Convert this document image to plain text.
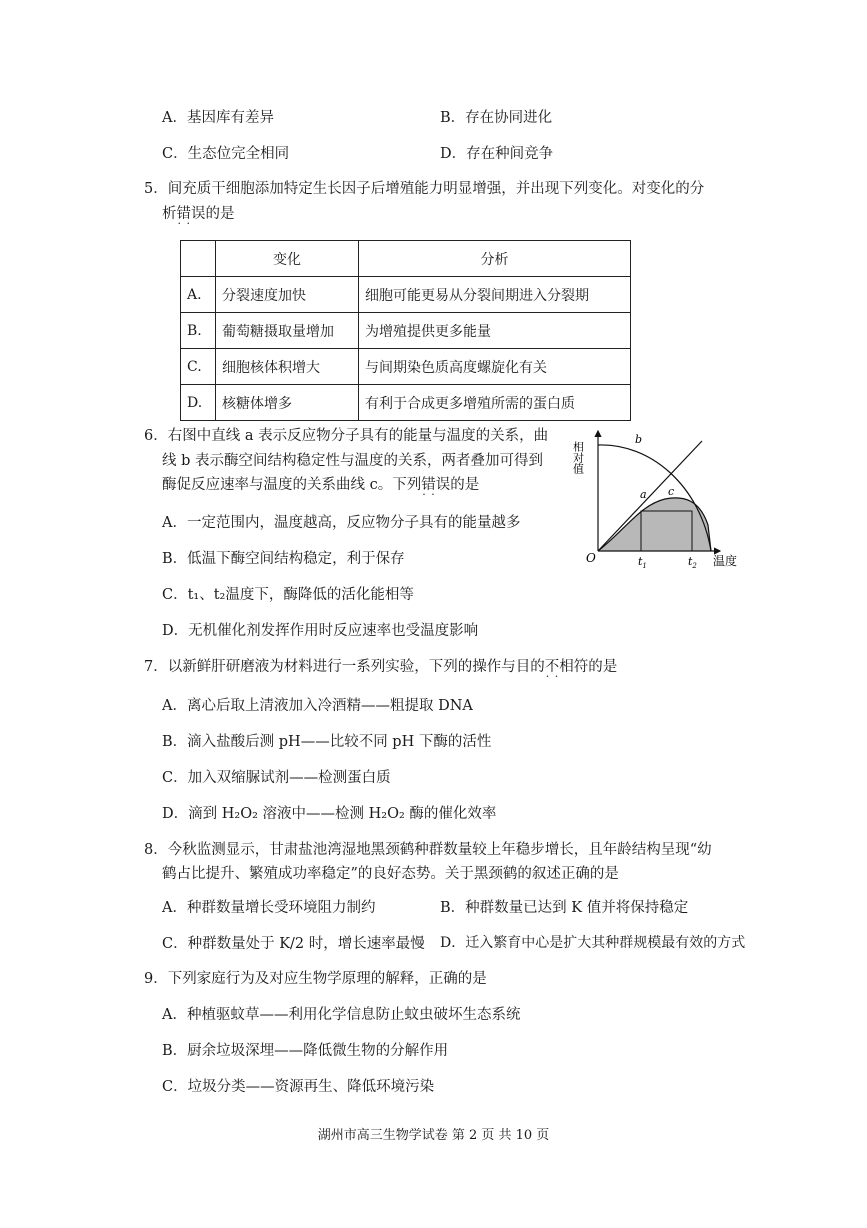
A．基因库有差异	B．存在协同进化
C．生态位完全相同	D．存在种间竞争
5．间充质干细胞添加特定生长因子后增殖能力明显增强，并出现下列变化。对变化的分
析错误 · ·的是
	变化	分析
A.	分裂速度加快	细胞可能更易从分裂间期进入分裂期
B.	葡萄糖摄取量增加	为增殖提供更多能量
C.	细胞核体积增大	与间期染色质高度螺旋化有关
D.	核糖体增多	有利于合成更多增殖所需的蛋白质
6．右图中直线 a 表示反应物分子具有的能量与温度的关系，曲
线 b 表示酶空间结构稳定性与温度的关系，两者叠加可得到
酶促反应速率与温度的关系曲线 c。下列错误 · ·的是
A．一定范围内，温度越高，反应物分子具有的能量越多
B．低温下酶空间结构稳定，利于保存
C．t₁、t₂温度下，酶降低的活化能相等
D．无机催化剂发挥作用时反应速率也受温度影响
相对值
温度
O
a
b
c
$t_1$	$t_2$
7．以新鲜肝研磨液为材料进行一系列实验，下列的操作与目的不相符 · ·的是
A．离心后取上清液加入冷酒精——粗提取 DNA
B．滴入盐酸后测 pH——比较不同 pH 下酶的活性
C．加入双缩脲试剂——检测蛋白质
D．滴到 H₂O₂ 溶液中——检测 H₂O₂ 酶的催化效率
8．今秋监测显示，甘肃盐池湾湿地黑颈鹤种群数量较上年稳步增长，且年龄结构呈现“幼
鹤占比提升、繁殖成功率稳定”的良好态势。关于黑颈鹤的叙述正确的是
A．种群数量增长受环境阻力制约	B．种群数量已达到 K 值并将保持稳定
C．种群数量处于 K/2 时，增长速率最慢 D．迁入繁育中心是扩大其种群规模最有效的方式
9．下列家庭行为及对应生物学原理的解释，正确的是
A．种植驱蚊草——利用化学信息防止蚊虫破坏生态系统
B．厨余垃圾深埋——降低微生物的分解作用
C．垃圾分类——资源再生、降低环境污染
湖州市高三生物学试卷 第 2 页 共 10 页
